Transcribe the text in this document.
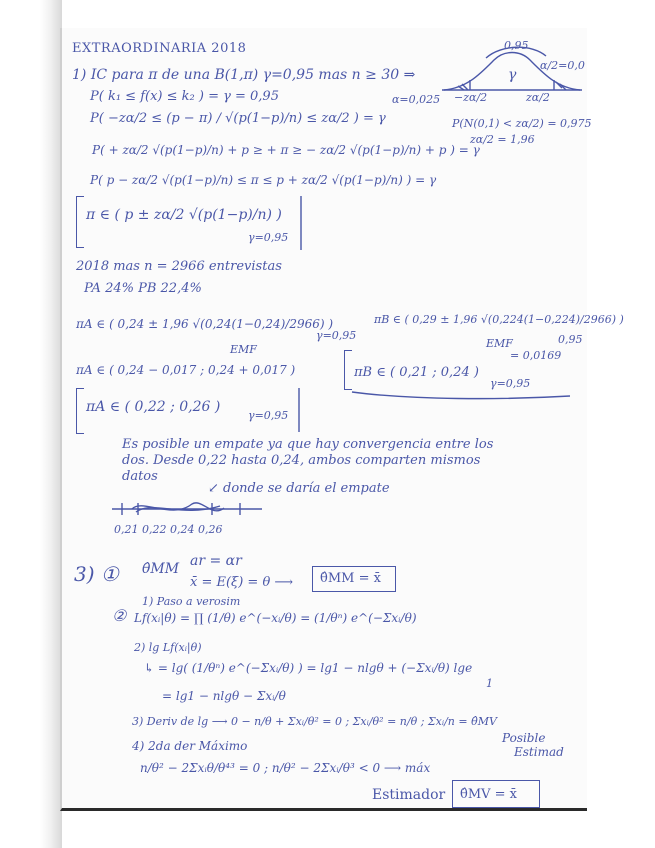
EXTRAORDINARIA 2018
1) IC para π de una B(1,π) γ=0,95 mas n ≥ 30 ⇒
P( k₁ ≤ f(x) ≤ k₂ ) = γ = 0,95
P( −zα/2 ≤ (p − π) / √(p(1−p)/n) ≤ zα/2 ) = γ
P( + zα/2 √(p(1−p)/n) + p ≥ + π ≥ − zα/2 √(p(1−p)/n) + p ) = γ
P( p − zα/2 √(p(1−p)/n) ≤ π ≤ p + zα/2 √(p(1−p)/n) ) = γ
π ∈ ( p ± zα/2 √(p(1−p)/n) )
γ=0,95
0,95
α/2=0,0
γ
α=0,025 −zα/2	zα/2
P(N(0,1) < zα/2) = 0,975
zα/2 = 1,96
2018 mas n = 2966 entrevistas
PA 24% PB 22,4%
πA ∈ ( 0,24 ± 1,96 √(0,24(1−0,24)/2966) )
γ=0,95
EMF
πB ∈ ( 0,29 ± 1,96 √(0,224(1−0,224)/2966) )
0,95
EMF
= 0,0169
πA ∈ ( 0,24 − 0,017 ; 0,24 + 0,017 )	πB ∈ ( 0,21 ; 0,24 )
γ=0,95
πA ∈ ( 0,22 ; 0,26 )
γ=0,95
Es posible un empate ya que hay convergencia entre los
dos. Desde 0,22 hasta 0,24, ambos comparten mismos
datos
↙ donde se daría el empate
0,21 0,22 0,24 0,26
3) ① θ̂MM ar = αr
x̄ = E(ξ) = θ ⟶ θ̂MM = x̄
1) Paso a verosim
② Lf(xᵢ|θ) = ∏ (1/θ) e^(−xᵢ/θ) = (1/θⁿ) e^(−Σxᵢ/θ)
2) lg Lf(xᵢ|θ)
↳ = lg( (1/θⁿ) e^(−Σxᵢ/θ) ) = lg1 − nlgθ + (−Σxᵢ/θ) lge
1
= lg1 − nlgθ − Σxᵢ/θ
3) Deriv de lg ⟶ 0 − n/θ + Σxᵢ/θ² = 0 ; Σxᵢ/θ² = n/θ ; Σxᵢ/n = θ̂MV
Posible
Estimad
4) 2da der Máximo
n/θ² − 2Σxᵢθ/θ⁴³ = 0 ; n/θ² − 2Σxᵢ/θ³ < 0 ⟶ máx
Estimador θ̂MV = x̄
